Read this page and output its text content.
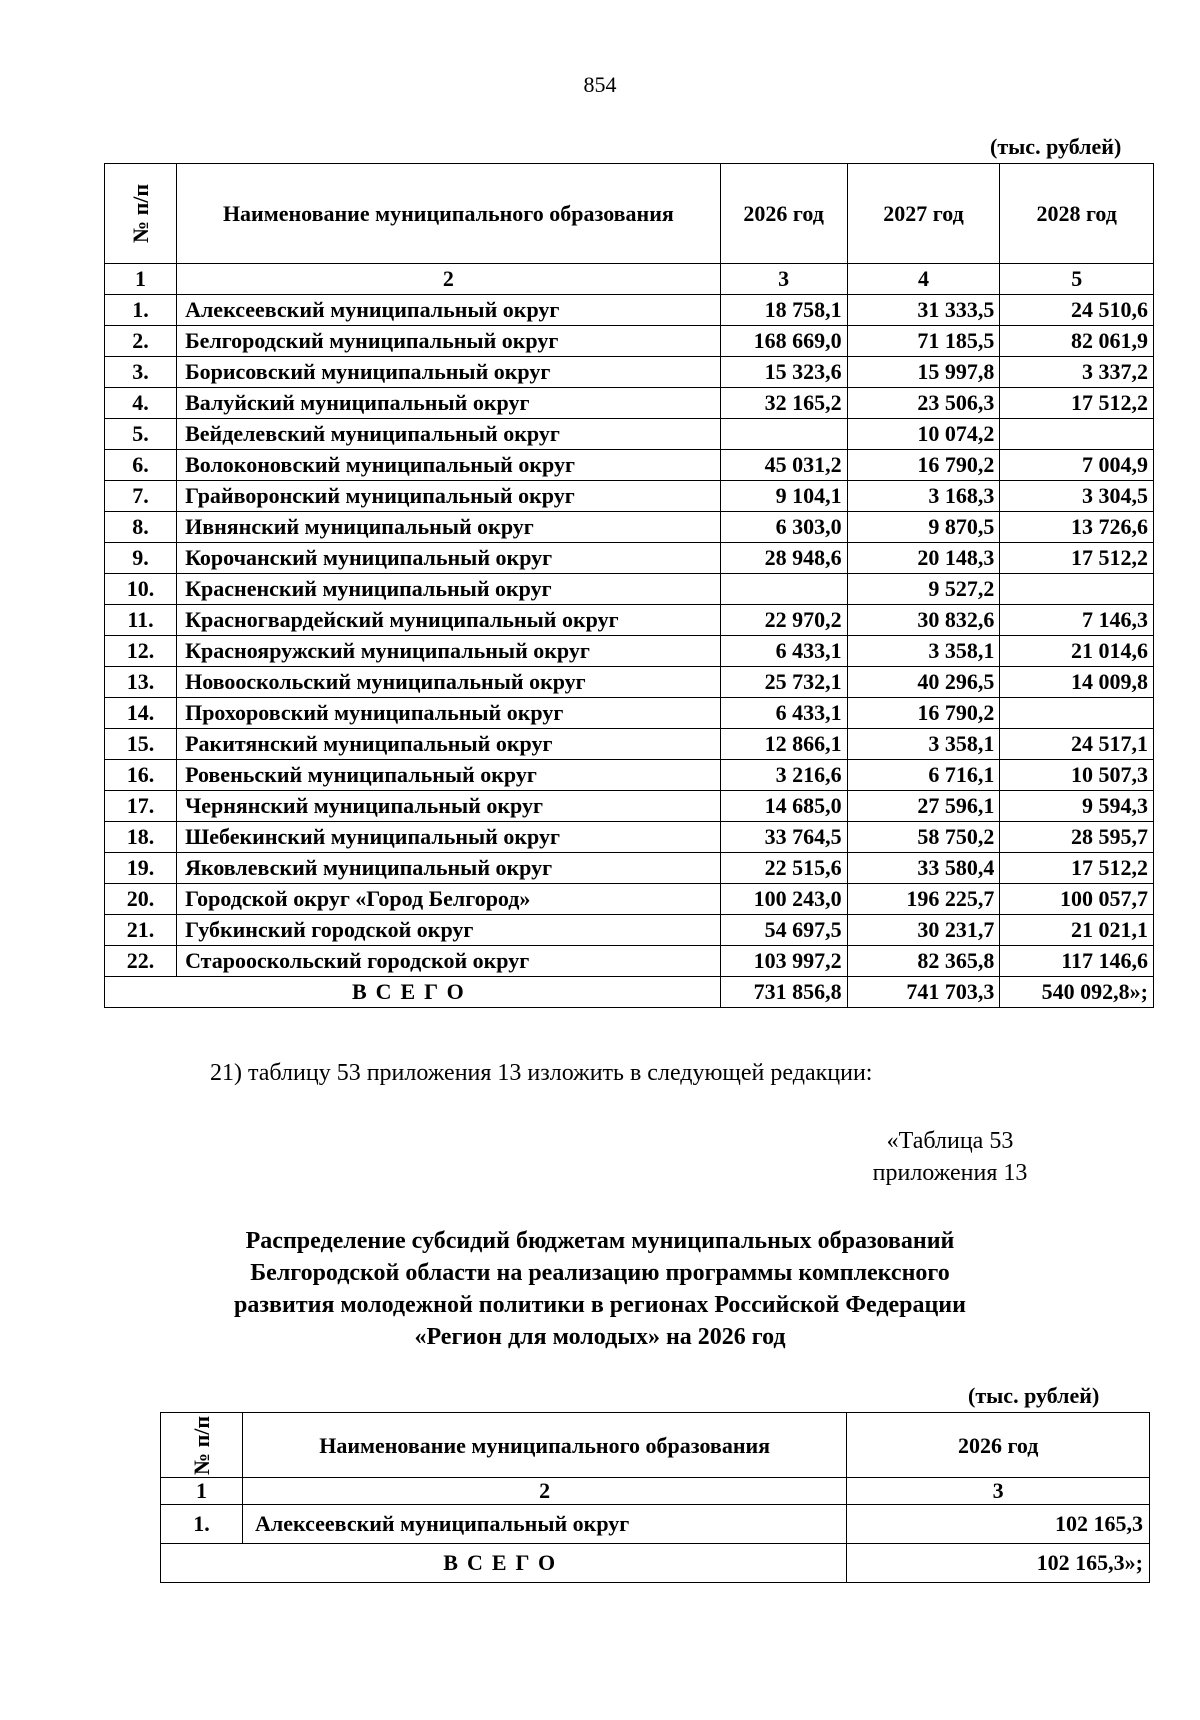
854
(тыс. рублей)
№ п/п	Наименование муниципального образования	2026 год	2027 год	2028 год
1	2	3	4	5
1.	Алексеевский муниципальный округ	18 758,1	31 333,5	24 510,6
2.	Белгородский муниципальный округ	168 669,0	71 185,5	82 061,9
3.	Борисовский муниципальный округ	15 323,6	15 997,8	3 337,2
4.	Валуйский муниципальный округ	32 165,2	23 506,3	17 512,2
5.	Вейделевский муниципальный округ		10 074,2	
6.	Волоконовский муниципальный округ	45 031,2	16 790,2	7 004,9
7.	Грайворонский муниципальный округ	9 104,1	3 168,3	3 304,5
8.	Ивнянский муниципальный округ	6 303,0	9 870,5	13 726,6
9.	Корочанский муниципальный округ	28 948,6	20 148,3	17 512,2
10.	Красненский муниципальный округ		9 527,2	
11.	Красногвардейский муниципальный округ	22 970,2	30 832,6	7 146,3
12.	Краснояружский муниципальный округ	6 433,1	3 358,1	21 014,6
13.	Новооскольский муниципальный округ	25 732,1	40 296,5	14 009,8
14.	Прохоровский муниципальный округ	6 433,1	16 790,2	
15.	Ракитянский муниципальный округ	12 866,1	3 358,1	24 517,1
16.	Ровеньский муниципальный округ	3 216,6	6 716,1	10 507,3
17.	Чернянский муниципальный округ	14 685,0	27 596,1	9 594,3
18.	Шебекинский муниципальный округ	33 764,5	58 750,2	28 595,7
19.	Яковлевский муниципальный округ	22 515,6	33 580,4	17 512,2
20.	Городской округ «Город Белгород»	100 243,0	196 225,7	100 057,7
21.	Губкинский городской округ	54 697,5	30 231,7	21 021,1
22.	Старооскольский городской округ	103 997,2	82 365,8	117 146,6
ВСЕГО		731 856,8	741 703,3	540 092,8»;
21) таблицу 53 приложения 13 изложить в следующей редакции:
«Таблица 53
приложения 13
Распределение субсидий бюджетам муниципальных образований
Белгородской области на реализацию программы комплексного
развития молодежной политики в регионах Российской Федерации
«Регион для молодых» на 2026 год
(тыс. рублей)
№ п/п	Наименование муниципального образования	2026 год
1	2	3
1.	Алексеевский муниципальный округ	102 165,3
ВСЕГО		102 165,3»;
